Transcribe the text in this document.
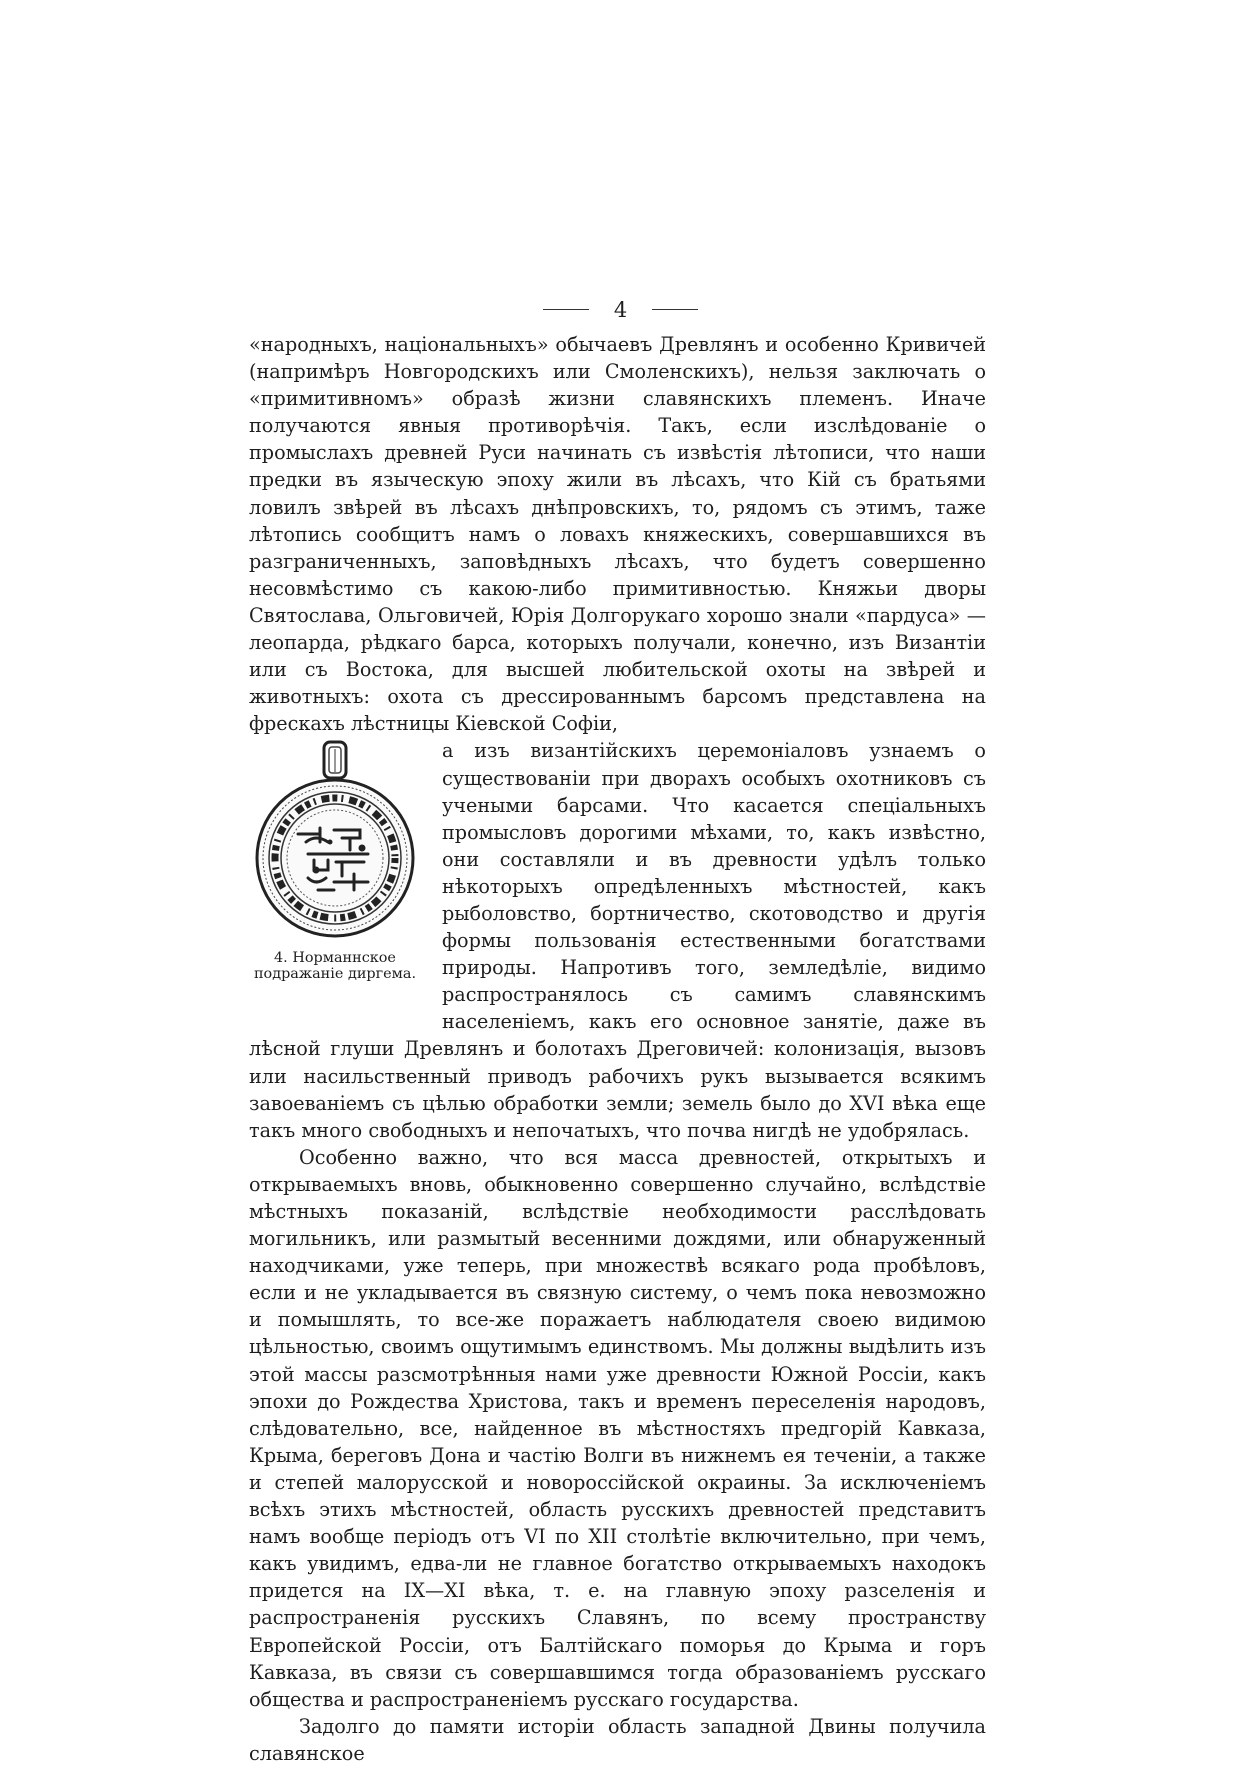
4

«народныхъ, національныхъ» обычаевъ Древлянъ и особенно Кривичей (напримѣръ Новгородскихъ или Смоленскихъ), нельзя заключать о «примитивномъ» образѣ жизни славянскихъ племенъ. Иначе получаются явныя противорѣчія. Такъ, если изслѣдованіе о промыслахъ древней Руси начинать съ извѣстія лѣтописи, что наши предки въ языческую эпоху жили въ лѣсахъ, что Кій съ братьями ловилъ звѣрей въ лѣсахъ днѣпровскихъ, то, рядомъ съ этимъ, таже лѣтопись сообщитъ намъ о ловахъ княжескихъ, совершавшихся въ разграниченныхъ, заповѣдныхъ лѣсахъ, что будетъ совершенно несовмѣстимо съ какою-либо примитивностью. Княжьи дворы Святослава, Ольговичей, Юрія Долгорукаго хорошо знали «пардуса» — леопарда, рѣдкаго барса, которыхъ получали, конечно, изъ Византіи или съ Востока, для высшей любительской охоты на звѣрей и животныхъ: охота съ дрессированнымъ барсомъ представлена на фрескахъ лѣстницы Кіевской Софіи,

4. Норманнское подражаніе диргема.

а изъ византійскихъ церемоніаловъ узнаемъ о существованіи при дворахъ особыхъ охотниковъ съ учеными барсами. Что касается спеціальныхъ промысловъ дорогими мѣхами, то, какъ извѣстно, они составляли и въ древности удѣлъ только нѣкоторыхъ опредѣленныхъ мѣстностей, какъ рыболовство, бортничество, скотоводство и другія формы пользованія естественными богатствами природы. Напротивъ того, земледѣліе, видимо распространялось съ самимъ славянскимъ населеніемъ, какъ его основное занятіе, даже въ лѣсной глуши Древлянъ и болотахъ Дреговичей: колонизація, вызовъ или насильственный приводъ рабочихъ рукъ вызывается всякимъ завоеваніемъ съ цѣлью обработки земли; земель было до XVI вѣка еще такъ много свободныхъ и непочатыхъ, что почва нигдѣ не удобрялась.

Особенно важно, что вся масса древностей, открытыхъ и открываемыхъ вновь, обыкновенно совершенно случайно, вслѣдствіе мѣстныхъ показаній, вслѣдствіе необходимости расслѣдовать могильникъ, или размытый весенними дождями, или обнаруженный находчиками, уже теперь, при множествѣ всякаго рода пробѣловъ, если и не укладывается въ связную систему, о чемъ пока невозможно и помышлять, то все-же поражаетъ наблюдателя своею видимою цѣльностью, своимъ ощутимымъ единствомъ. Мы должны выдѣлить изъ этой массы разсмотрѣнныя нами уже древности Южной Россіи, какъ эпохи до Рождества Христова, такъ и временъ переселенія народовъ, слѣдовательно, все, найденное въ мѣстностяхъ предгорій Кавказа, Крыма, береговъ Дона и частію Волги въ нижнемъ ея теченіи, а также и степей малорусской и новороссійской окраины. За исключеніемъ всѣхъ этихъ мѣстностей, область русскихъ древностей представитъ намъ вообще періодъ отъ VI по XII столѣтіе включительно, при чемъ, какъ увидимъ, едва-ли не главное богатство открываемыхъ находокъ придется на IX—XI вѣка, т. е. на главную эпоху разселенія и распространенія русскихъ Славянъ, по всему пространству Европейской Россіи, отъ Балтійскаго поморья до Крыма и горъ Кавказа, въ связи съ совершавшимся тогда образованіемъ русскаго общества и распространеніемъ русскаго государства.

Задолго до памяти исторіи область западной Двины получила славянское
